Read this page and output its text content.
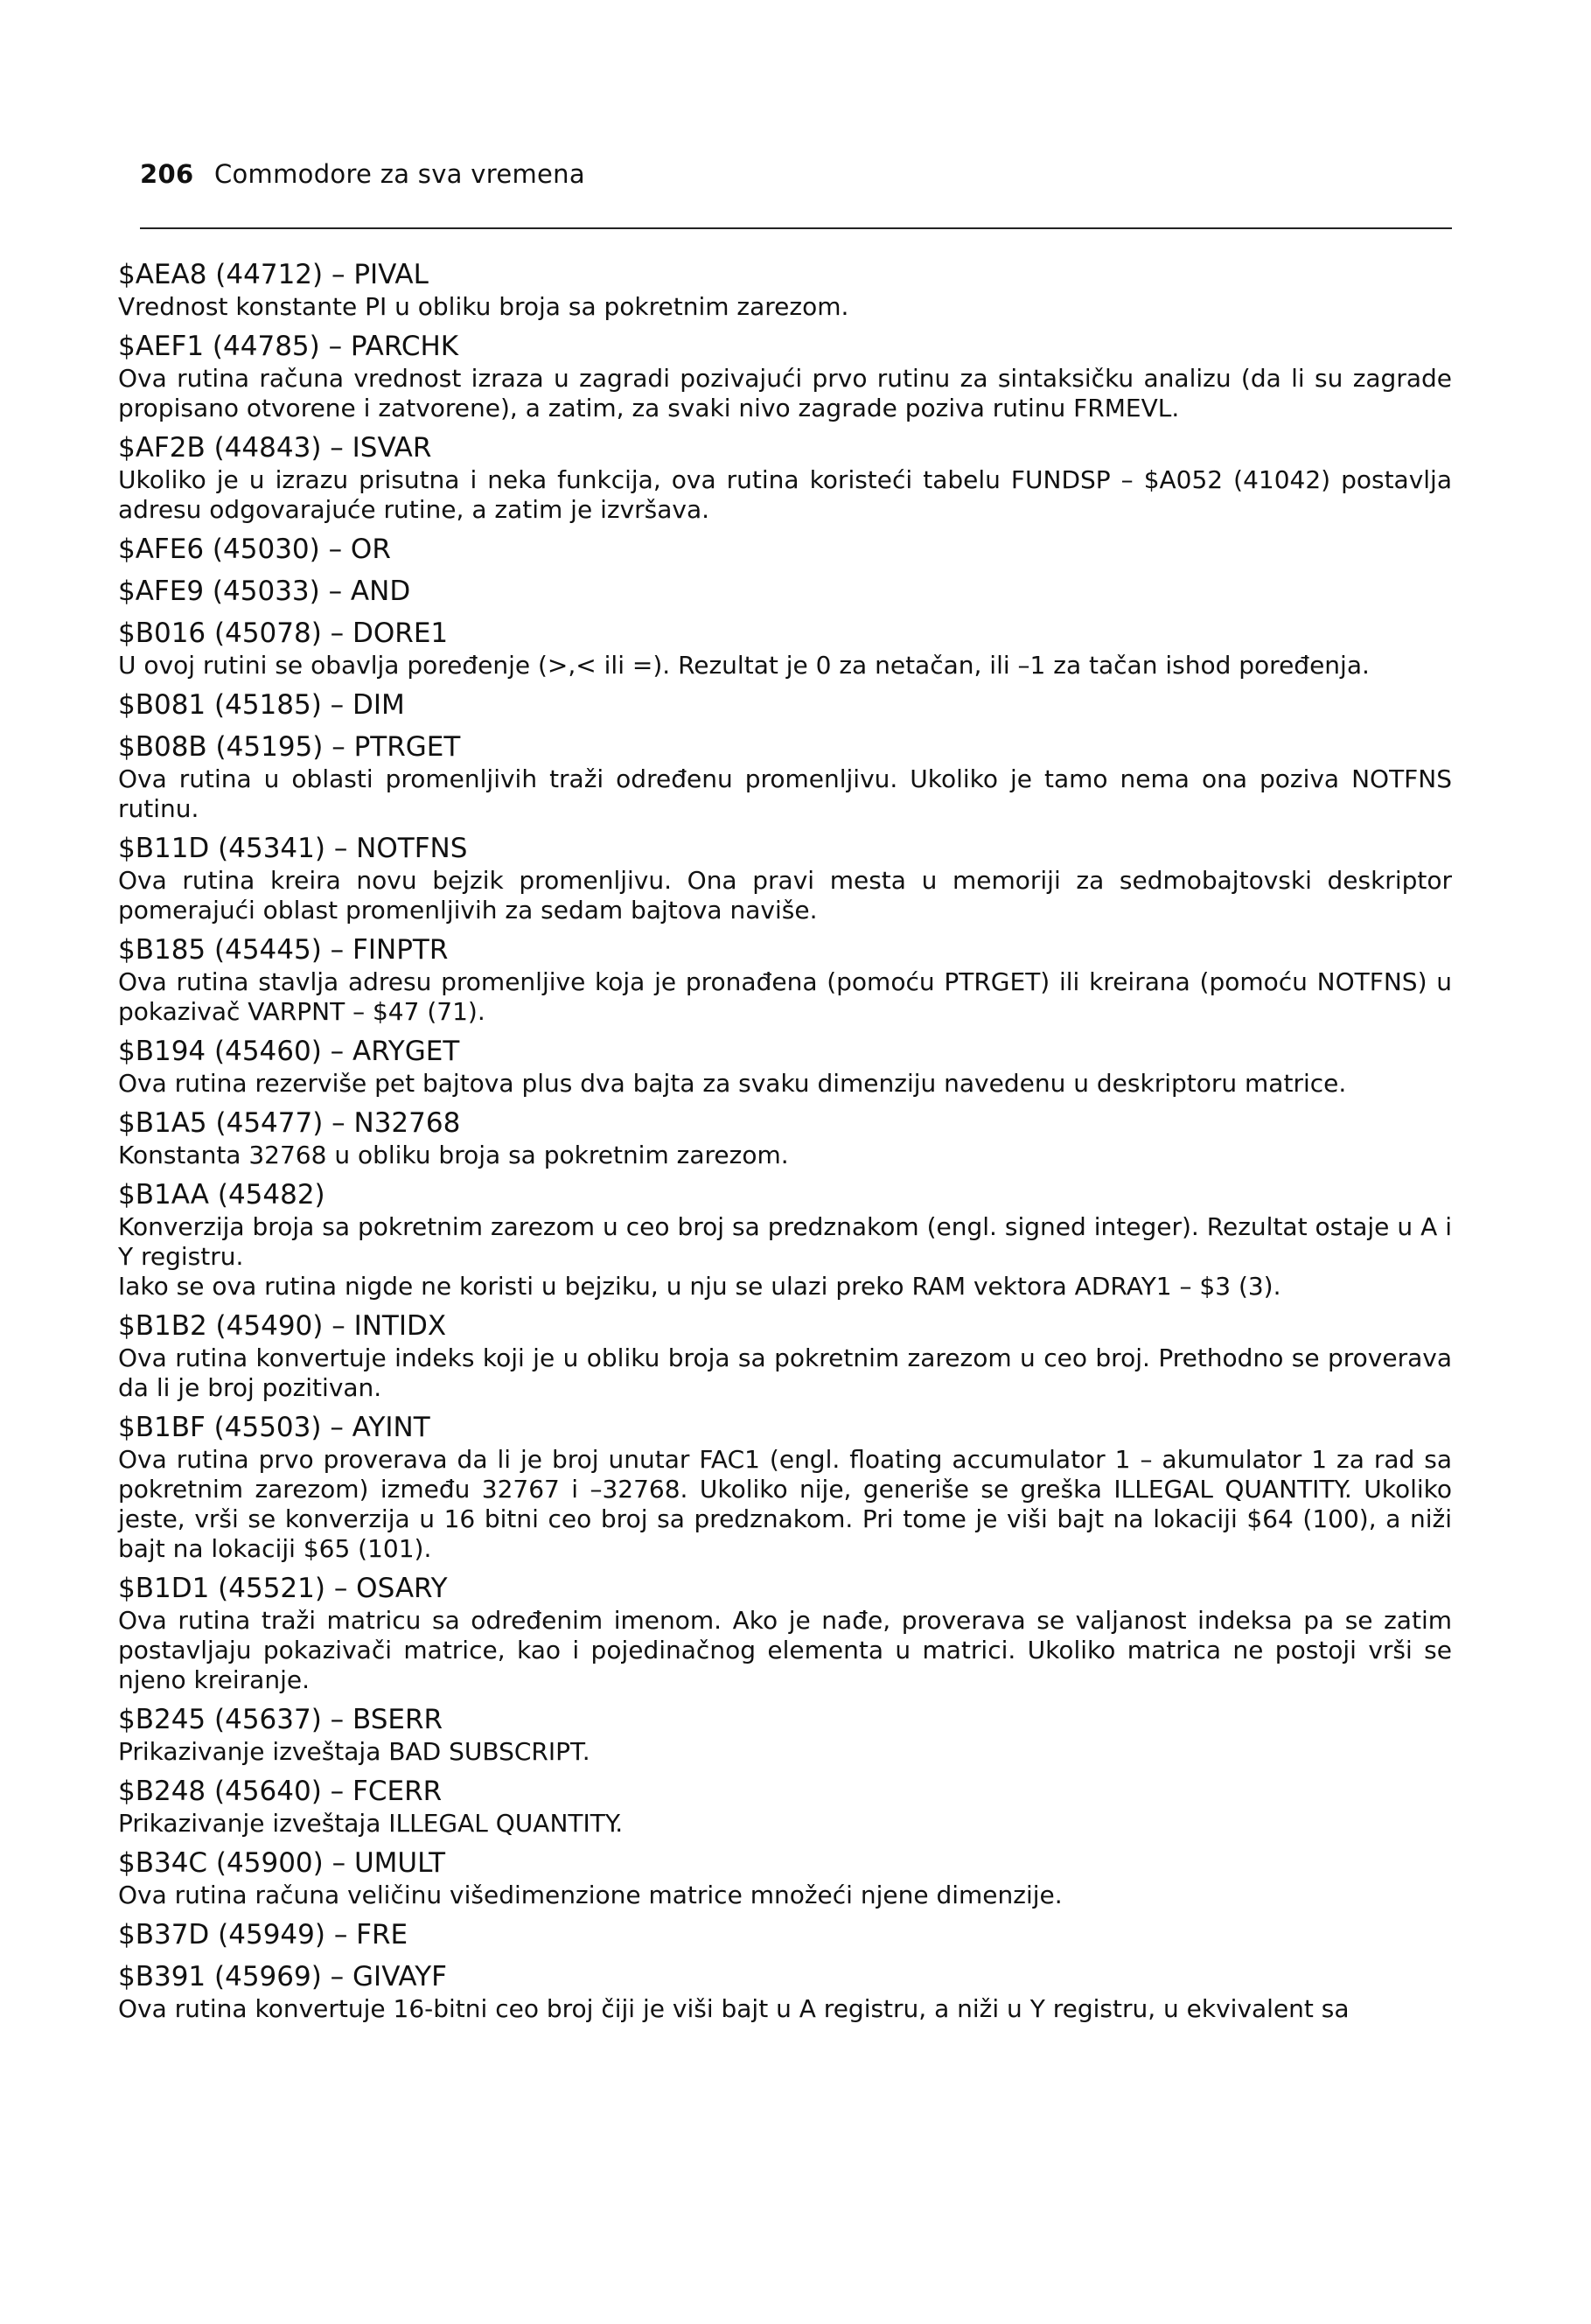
206 Commodore za sva vremena
$AEA8 (44712) – PIVAL
Vrednost konstante PI u obliku broja sa pokretnim zarezom.
$AEF1 (44785) – PARCHK
Ova rutina računa vrednost izraza u zagradi pozivajući prvo rutinu za sintaksičku analizu (da li su zagrade propisano otvorene i zatvorene), a zatim, za svaki nivo zagrade poziva rutinu FRMEVL.
$AF2B (44843) – ISVAR
Ukoliko je u izrazu prisutna i neka funkcija, ova rutina koristeći tabelu FUNDSP – $A052 (41042) postavlja adresu odgovarajuće rutine, a zatim je izvršava.
$AFE6 (45030) – OR
$AFE9 (45033) – AND
$B016 (45078) – DORE1
U ovoj rutini se obavlja poređenje (>,< ili =). Rezultat je 0 za netačan, ili –1 za tačan ishod poređenja.
$B081 (45185) – DIM
$B08B (45195) – PTRGET
Ova rutina u oblasti promenljivih traži određenu promenljivu. Ukoliko je tamo nema ona poziva NOTFNS rutinu.
$B11D (45341) – NOTFNS
Ova rutina kreira novu bejzik promenljivu. Ona pravi mesta u memoriji za sedmobajtovski deskriptor pomerajući oblast promenljivih za sedam bajtova naviše.
$B185 (45445) – FINPTR
Ova rutina stavlja adresu promenljive koja je pronađena (pomoću PTRGET) ili kreirana (pomoću NOTFNS) u pokazivač VARPNT – $47 (71).
$B194 (45460) – ARYGET
Ova rutina rezerviše pet bajtova plus dva bajta za svaku dimenziju navedenu u deskriptoru matrice.
$B1A5 (45477) – N32768
Konstanta 32768 u obliku broja sa pokretnim zarezom.
$B1AA (45482)
Konverzija broja sa pokretnim zarezom u ceo broj sa predznakom (engl. signed integer). Rezultat ostaje u A i Y registru.
Iako se ova rutina nigde ne koristi u bejziku, u nju se ulazi preko RAM vektora ADRAY1 – $3 (3).
$B1B2 (45490) – INTIDX
Ova rutina konvertuje indeks koji je u obliku broja sa pokretnim zarezom u ceo broj. Prethodno se proverava da li je broj pozitivan.
$B1BF (45503) – AYINT
Ova rutina prvo proverava da li je broj unutar FAC1 (engl. floating accumulator 1 – akumulator 1 za rad sa pokretnim zarezom) između 32767 i –32768. Ukoliko nije, generiše se greška ILLEGAL QUANTITY. Ukoliko jeste, vrši se konverzija u 16 bitni ceo broj sa predznakom. Pri tome je viši bajt na lokaciji $64 (100), a niži bajt na lokaciji $65 (101).
$B1D1 (45521) – OSARY
Ova rutina traži matricu sa određenim imenom. Ako je nađe, proverava se valjanost indeksa pa se zatim postavljaju pokazivači matrice, kao i pojedinačnog elementa u matrici. Ukoliko matrica ne postoji vrši se njeno kreiranje.
$B245 (45637) – BSERR
Prikazivanje izveštaja BAD SUBSCRIPT.
$B248 (45640) – FCERR
Prikazivanje izveštaja ILLEGAL QUANTITY.
$B34C (45900) – UMULT
Ova rutina računa veličinu višedimenzione matrice množeći njene dimenzije.
$B37D (45949) – FRE
$B391 (45969) – GIVAYF
Ova rutina konvertuje 16-bitni ceo broj čiji je viši bajt u A registru, a niži u Y registru, u ekvivalent sa
